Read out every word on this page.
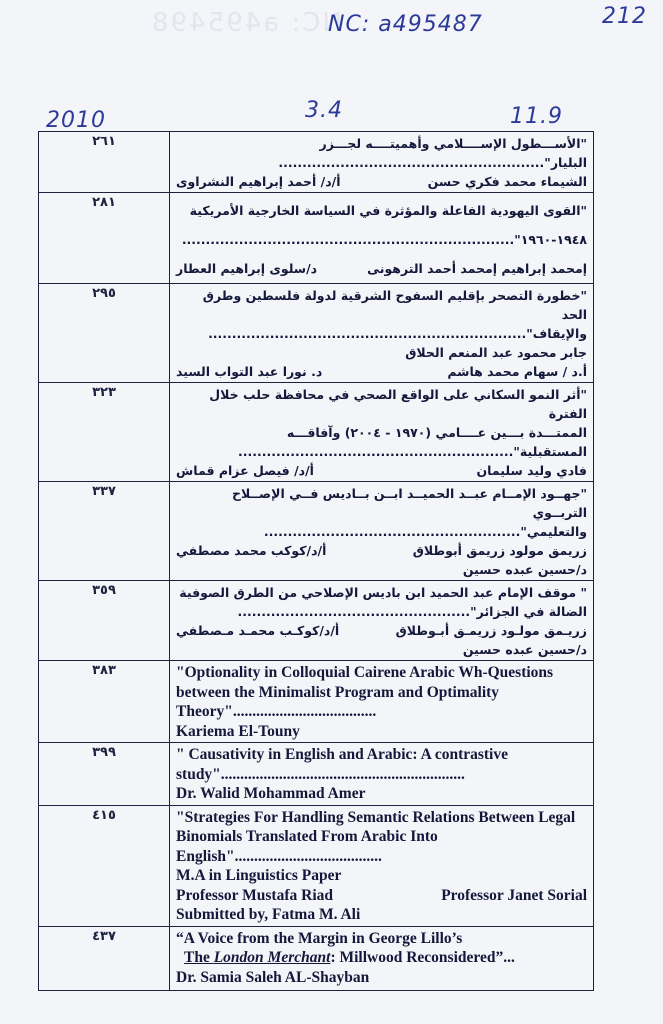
NC: a495498
NC: a495487	212
2010	3.4	11.9
٢٦١	"الأســـطول الإســــلامي وأهميتــــه لجـــزر
البليار"........................................................
الشيماء محمد فكري حسن
أ/د/ أحمد إبراهيم النشراوى

٢٨١	"القوى اليهودية الفاعلة والمؤثرة في السياسة الخارجية الأمريكية
١٩٤٨-١٩٦٠"......................................................................
إمحمد إبراهيم إمحمد أحمد الترهونى
د/سلوى إبراهيم العطار

٢٩٥	"خطورة التصحر بإقليم السفوح الشرقية لدولة فلسطين وطرق الحد
والإيقاف"...................................................................
جابر محمود عبد المنعم الحلاق
أ.د / سهام محمد هاشم
د. نورا عبد التواب السيد

٣٢٣	"أثر النمو السكاني على الواقع الصحي في محافظة حلب خلال الفترة
الممتـــدة بـــين عــــامي (١٩٧٠ - ٢٠٠٤) وآفاقـــه
المستقبلية"..........................................................
فادي وليد سليمان
أ/د/ فيصل عزام قماش

٣٣٧	"جهــود الإمــام عبــد الحميــد ابــن بــاديس فــي الإصــلاح التربــوي
والتعليمي"......................................................
زريمق مولود زريمق أبوطلاق
أ/د/كوكب محمد مصطفي
د/حسين عبده حسين

٣٥٩	" موقف الإمام عبد الحميد ابن باديس الإصلاحي من الطرق الصوفية
الضالة في الجزائر".................................................
زريـمق مولـود زريمـق أبـوطلاق
أ/د/كوكـب محمـد مـصطفي
د/حسين عبده حسين

٣٨٣	"Optionality in Colloquial Cairene Arabic Wh-Questions between the Minimalist Program and Optimality Theory".....................................
Kariema El-Touny

٣٩٩	" Causativity in English and Arabic: A contrastive study"...............................................................
Dr. Walid Mohammad Amer

٤١٥	"Strategies For Handling Semantic Relations Between Legal Binomials Translated From Arabic Into English"......................................
M.A in Linguistics Paper
Professor Mustafa Riad Professor Janet Sorial
Submitted by, Fatma M. Ali

٤٣٧	“A Voice from the Margin in George Lillo’s
The London Merchant: Millwood Reconsidered”...
Dr. Samia Saleh AL-Shayban
